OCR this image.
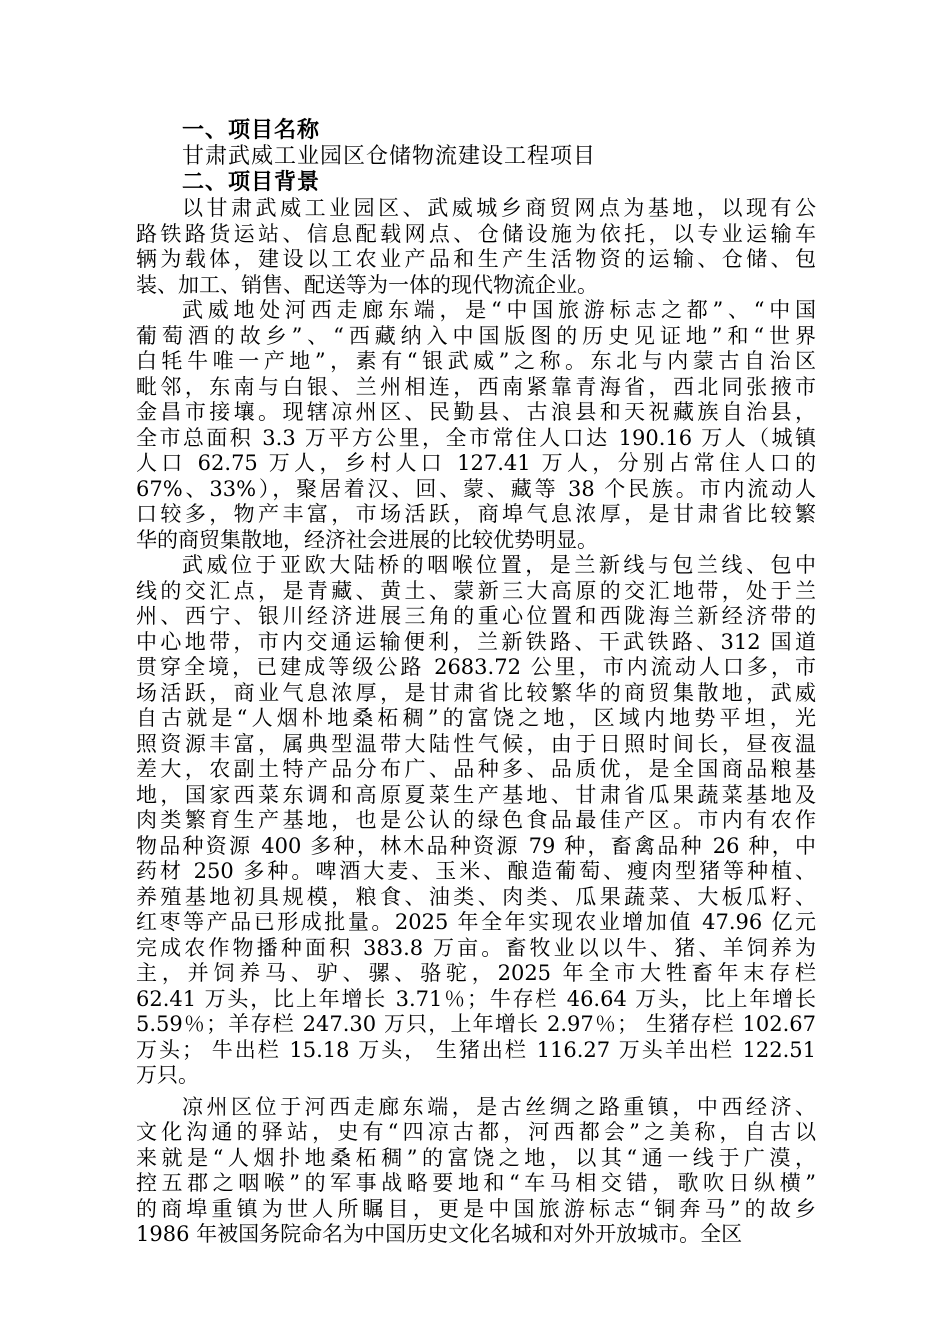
一、项目名称
甘肃武威工业园区仓储物流建设工程项目
二、项目背景
以甘肃武威工业园区、武威城乡商贸网点为基地，以现有公
路铁路货运站、信息配载网点、仓储设施为依托，以专业运输车
辆为载体，建设以工农业产品和生产生活物资的运输、仓储、包
装、加工、销售、配送等为一体的现代物流企业。
武威地处河西走廊东端，是“中国旅游标志之都”、“中国
葡萄酒的故乡”、“西藏纳入中国版图的历史见证地”和“世界
白牦牛唯一产地”，素有“银武威”之称。东北与内蒙古自治区
毗邻，东南与白银、兰州相连，西南紧靠青海省，西北同张掖市
金昌市接壤。现辖凉州区、民勤县、古浪县和天祝藏族自治县，
全市总面积 3.3 万平方公里，全市常住人口达 190.16 万人（城镇
人口 62.75 万人，乡村人口 127.41 万人，分别占常住人口的
67%、33%），聚居着汉、回、蒙、藏等 38 个民族。市内流动人
口较多，物产丰富，市场活跃，商埠气息浓厚，是甘肃省比较繁
华的商贸集散地，经济社会进展的比较优势明显。
武威位于亚欧大陆桥的咽喉位置，是兰新线与包兰线、包中
线的交汇点，是青藏、黄土、蒙新三大高原的交汇地带，处于兰
州、西宁、银川经济进展三角的重心位置和西陇海兰新经济带的
中心地带，市内交通运输便利，兰新铁路、干武铁路、312 国道
贯穿全境，已建成等级公路 2683.72 公里，市内流动人口多，市
场活跃，商业气息浓厚，是甘肃省比较繁华的商贸集散地，武威
自古就是“人烟朴地桑柘稠”的富饶之地，区域内地势平坦，光
照资源丰富，属典型温带大陆性气候，由于日照时间长，昼夜温
差大，农副土特产品分布广、品种多、品质优，是全国商品粮基
地，国家西菜东调和高原夏菜生产基地、甘肃省瓜果蔬菜基地及
肉类繁育生产基地，也是公认的绿色食品最佳产区。市内有农作
物品种资源 400 多种，林木品种资源 79 种，畜禽品种 26 种，中
药材 250 多种。啤酒大麦、玉米、酿造葡萄、瘦肉型猪等种植、
养殖基地初具规模，粮食、油类、肉类、瓜果蔬菜、大板瓜籽、
红枣等产品已形成批量。2025 年全年实现农业增加值 47.96 亿元
完成农作物播种面积 383.8 万亩。畜牧业以以牛、猪、羊饲养为
主，并饲养马、驴、骡、骆驼，2025 年全市大牲畜年末存栏
62.41 万头，比上年增长 3.71％；牛存栏 46.64 万头，比上年增长
5.59％；羊存栏 247.30 万只，上年增长 2.97％； 生猪存栏 102.67
万头； 牛出栏 15.18 万头， 生猪出栏 116.27 万头羊出栏 122.51
万只。
凉州区位于河西走廊东端，是古丝绸之路重镇，中西经济、
文化沟通的驿站，史有“四凉古都，河西都会”之美称，自古以
来就是“人烟扑地桑柘稠”的富饶之地，以其“通一线于广漠，
控五郡之咽喉”的军事战略要地和“车马相交错，歌吹日纵横”
的商埠重镇为世人所瞩目，更是中国旅游标志“铜奔马”的故乡
1986 年被国务院命名为中国历史文化名城和对外开放城市。全区
